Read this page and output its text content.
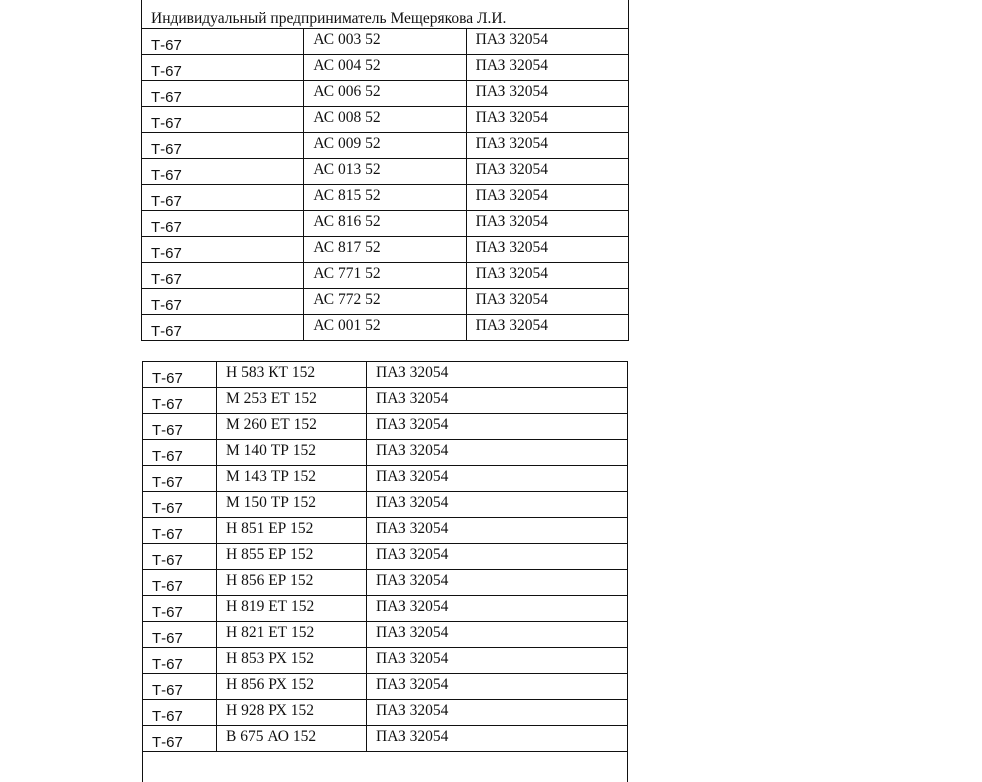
Индивидуальный предприниматель Мещерякова Л.И.		
Т-67	АС 003 52	ПАЗ 32054
Т-67	АС 004 52	ПАЗ 32054
Т-67	АС 006 52	ПАЗ 32054
Т-67	АС 008 52	ПАЗ 32054
Т-67	АС 009 52	ПАЗ 32054
Т-67	АС 013 52	ПАЗ 32054
Т-67	АС 815 52	ПАЗ 32054
Т-67	АС 816 52	ПАЗ 32054
Т-67	АС 817 52	ПАЗ 32054
Т-67	АС 771 52	ПАЗ 32054
Т-67	АС 772 52	ПАЗ 32054
Т-67	АС 001 52	ПАЗ 32054
Т-67	Н 583 КТ 152	ПАЗ 32054
Т-67	М 253 ЕТ 152	ПАЗ 32054
Т-67	М 260 ЕТ 152	ПАЗ 32054
Т-67	М 140 ТР 152	ПАЗ 32054
Т-67	М 143 ТР 152	ПАЗ 32054
Т-67	М 150 ТР 152	ПАЗ 32054
Т-67	Н 851 ЕР 152	ПАЗ 32054
Т-67	Н 855 ЕР 152	ПАЗ 32054
Т-67	Н 856 ЕР 152	ПАЗ 32054
Т-67	Н 819 ЕТ 152	ПАЗ 32054
Т-67	Н 821 ЕТ 152	ПАЗ 32054
Т-67	Н 853 РХ 152	ПАЗ 32054
Т-67	Н 856 РХ 152	ПАЗ 32054
Т-67	Н 928 РХ 152	ПАЗ 32054
Т-67	В 675 АО 152	ПАЗ 32054
